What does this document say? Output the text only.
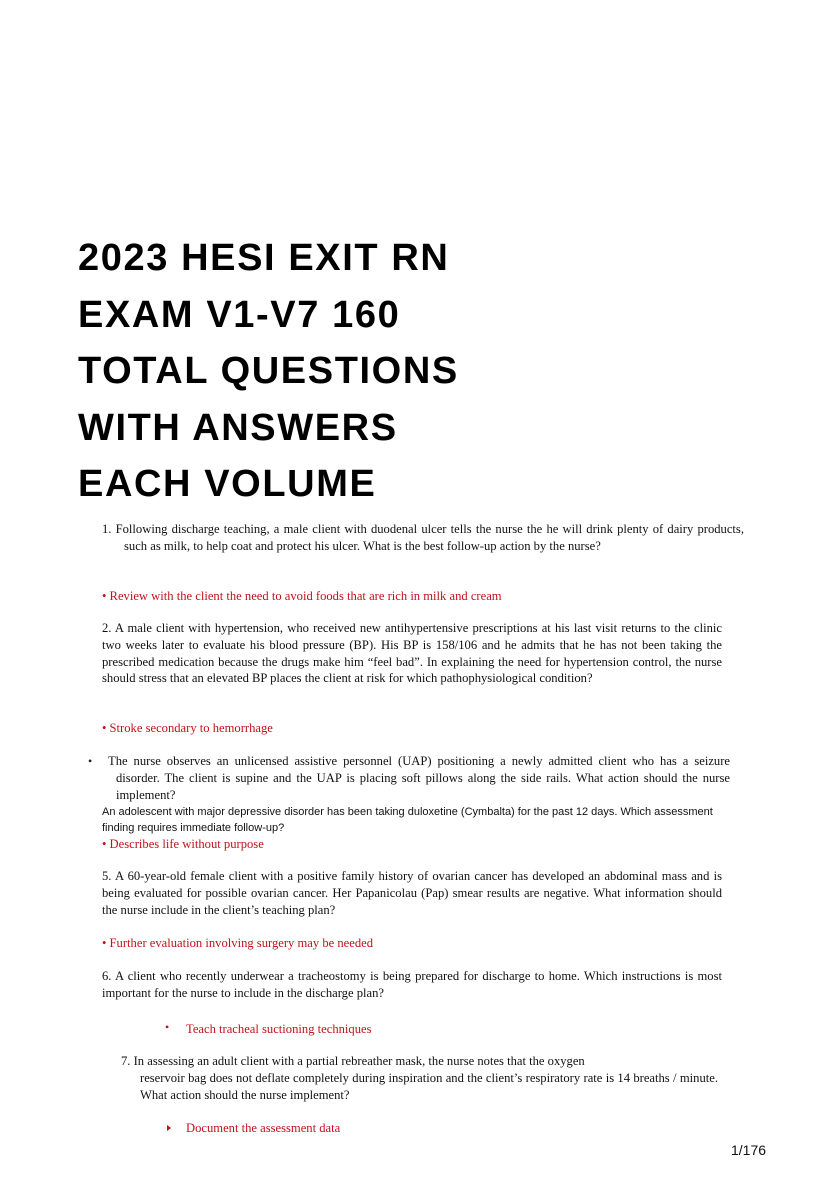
2023 HESI EXIT RN
EXAM V1-V7 160
TOTAL QUESTIONS
WITH ANSWERS
EACH VOLUME

1. Following discharge teaching, a male client with duodenal ulcer tells the nurse the he will drink plenty of dairy products, such as milk, to help coat and protect his ulcer. What is the best follow-up action by the nurse?

• Review with the client the need to avoid foods that are rich in milk and cream

2. A male client with hypertension, who received new antihypertensive prescriptions at his last visit returns to the clinic two weeks later to evaluate his blood pressure (BP). His BP is 158/106 and he admits that he has not been taking the prescribed medication because the drugs make him “feel bad”. In explaining the need for hypertension control, the nurse should stress that an elevated BP places the client at risk for which pathophysiological condition?

• Stroke secondary to hemorrhage

• The nurse observes an unlicensed assistive personnel (UAP) positioning a newly admitted client who has a seizure disorder. The client is supine and the UAP is placing soft pillows along the side rails. What action should the nurse implement?

An adolescent with major depressive disorder has been taking duloxetine (Cymbalta) for the past 12 days. Which assessment finding requires immediate follow-up?

• Describes life without purpose

5. A 60-year-old female client with a positive family history of ovarian cancer has developed an abdominal mass and is being evaluated for possible ovarian cancer. Her Papanicolau (Pap) smear results are negative. What information should the nurse include in the client’s teaching plan?

• Further evaluation involving surgery may be needed

6. A client who recently underwear a tracheostomy is being prepared for discharge to home. Which instructions is most important for the nurse to include in the discharge plan?

• Teach tracheal suctioning techniques

7. In assessing an adult client with a partial rebreather mask, the nurse notes that the oxygen

reservoir bag does not deflate completely during inspiration and the client’s respiratory rate is 14 breaths / minute. What action should the nurse implement?

Document the assessment data

1/176
